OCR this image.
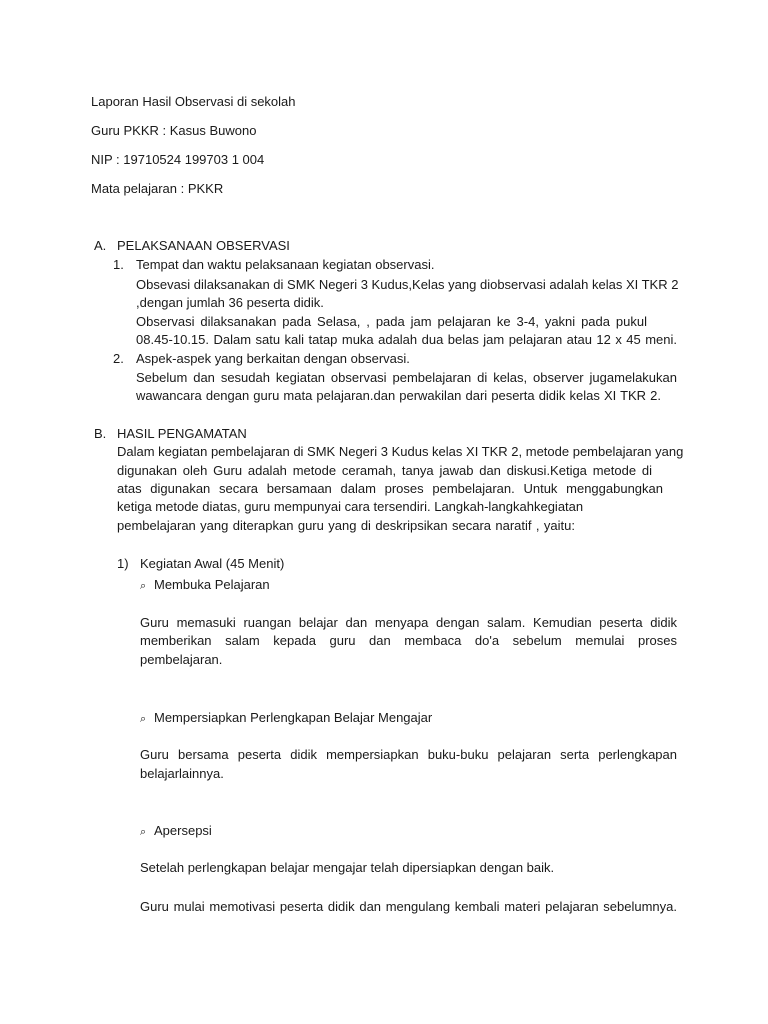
Laporan Hasil Observasi di sekolah
Guru PKKR : Kasus Buwono
NIP : 19710524 199703 1 004
Mata pelajaran : PKKR
A. PELAKSANAAN OBSERVASI
1. Tempat dan waktu pelaksanaan kegiatan observasi.
Obsevasi dilaksanakan di SMK Negeri 3 Kudus,Kelas yang diobservasi adalah kelas XI TKR 2
,dengan jumlah 36 peserta didik.
Observasi dilaksanakan pada Selasa, , pada jam pelajaran ke 3-4, yakni pada pukul
08.45-10.15. Dalam satu kali tatap muka adalah dua belas jam pelajaran atau 12 x 45 meni.
2. Aspek-aspek yang berkaitan dengan observasi.
Sebelum dan sesudah kegiatan observasi pembelajaran di kelas, observer jugamelakukan
wawancara dengan guru mata pelajaran.dan perwakilan dari peserta didik kelas XI TKR 2.
B. HASIL PENGAMATAN
Dalam kegiatan pembelajaran di SMK Negeri 3 Kudus kelas XI TKR 2, metode pembelajaran yang
digunakan oleh Guru adalah metode ceramah, tanya jawab dan diskusi.Ketiga metode di
atas digunakan secara bersamaan dalam proses pembelajaran. Untuk menggabungkan
ketiga metode diatas, guru mempunyai cara tersendiri. Langkah-langkahkegiatan
pembelajaran yang diterapkan guru yang di deskripsikan secara naratif , yaitu:
1) Kegiatan Awal (45 Menit)
⌕ Membuka Pelajaran
Guru memasuki ruangan belajar dan menyapa dengan salam. Kemudian peserta didik
memberikan salam kepada guru dan membaca do'a sebelum memulai proses
pembelajaran.
⌕ Mempersiapkan Perlengkapan Belajar Mengajar
Guru bersama peserta didik mempersiapkan buku-buku pelajaran serta perlengkapan
belajarlainnya.
⌕ Apersepsi
Setelah perlengkapan belajar mengajar telah dipersiapkan dengan baik.
Guru mulai memotivasi peserta didik dan mengulang kembali materi pelajaran sebelumnya.
